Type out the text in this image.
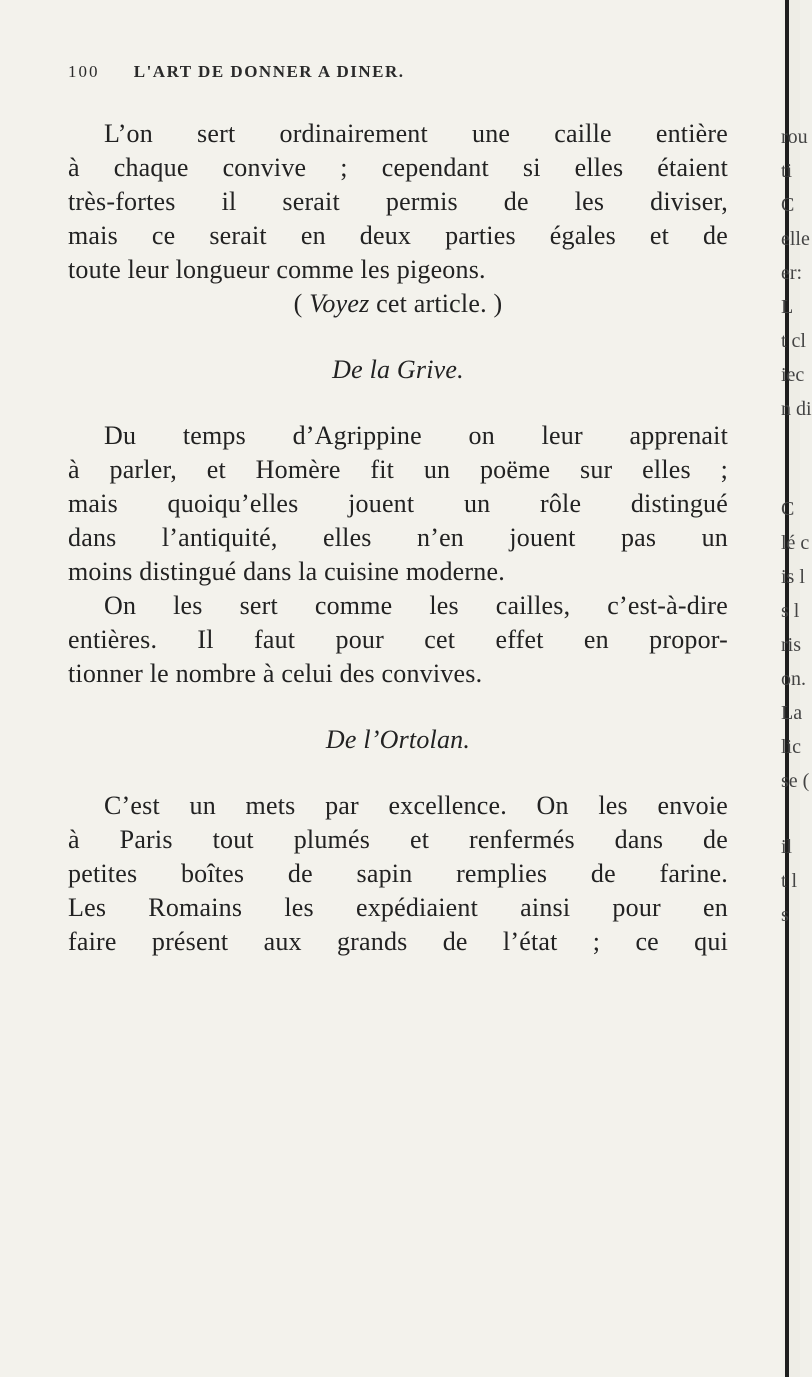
100 L'ART DE DONNER A DINER.
L’on sert ordinairement une caille entière
à chaque convive ; cependant si elles étaient
très-fortes il serait permis de les diviser,
mais ce serait en deux parties égales et de
toute leur longueur comme les pigeons.
( Voyez cet article. )
De la Grive.
Du temps d’Agrippine on leur apprenait
à parler, et Homère fit un poëme sur elles ;
mais quoiqu’elles jouent un rôle distingué
dans l’antiquité, elles n’en jouent pas un
moins distingué dans la cuisine moderne.
On les sert comme les cailles, c’est-à-dire
entières. Il faut pour cet effet en propor-
tionner le nombre à celui des convives.
De l’Ortolan.
C’est un mets par excellence. On les envoie
à Paris tout plumés et renfermés dans de
petites boîtes de sapin remplies de farine.
Les Romains les expédiaient ainsi pour en
faire présent aux grands de l’état ; ce qui
rou
ti
C
elle
er:
L
t cl
iec
n di
C
lé c
is l
s l
ris
on.
La
lic
se (
il
t l
s
